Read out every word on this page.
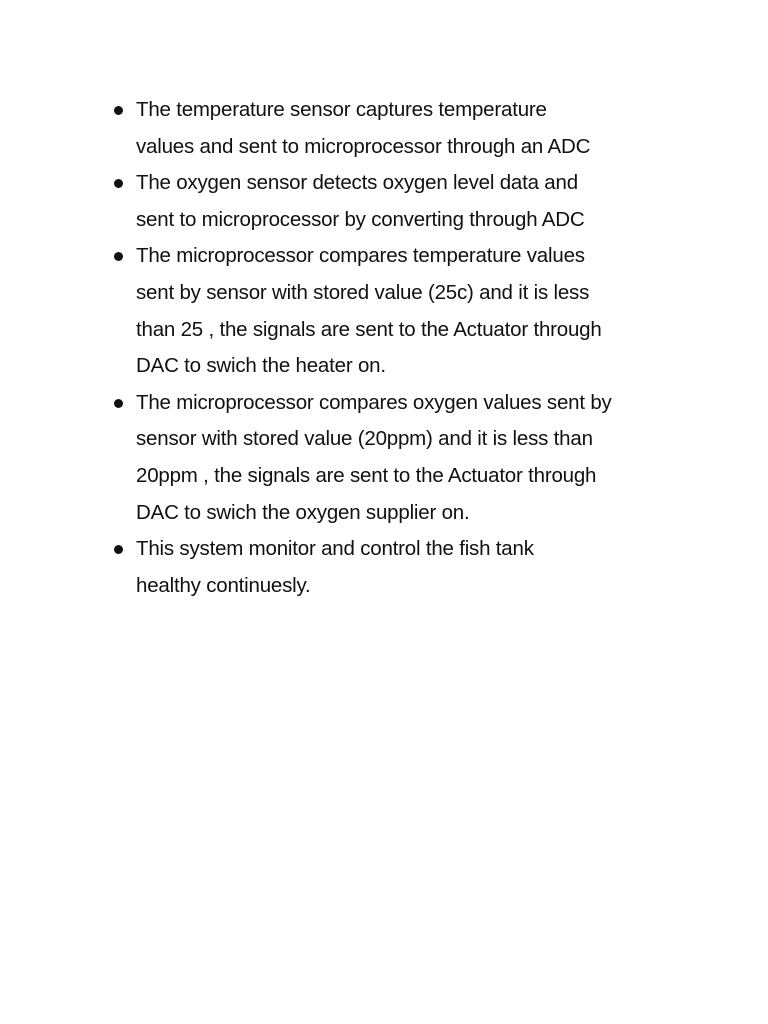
The temperature sensor captures temperature
values and sent to microprocessor through an ADC
The oxygen sensor detects oxygen level data and
sent to microprocessor by converting through ADC
The microprocessor compares temperature values
sent by sensor with stored value (25c) and it is less
than 25 , the signals are sent to the Actuator through
DAC to swich the heater on.
The microprocessor compares oxygen values sent by
sensor with stored value (20ppm) and it is less than
20ppm , the signals are sent to the Actuator through
DAC to swich the oxygen supplier on.
This system monitor and control the fish tank
healthy continuesly.
